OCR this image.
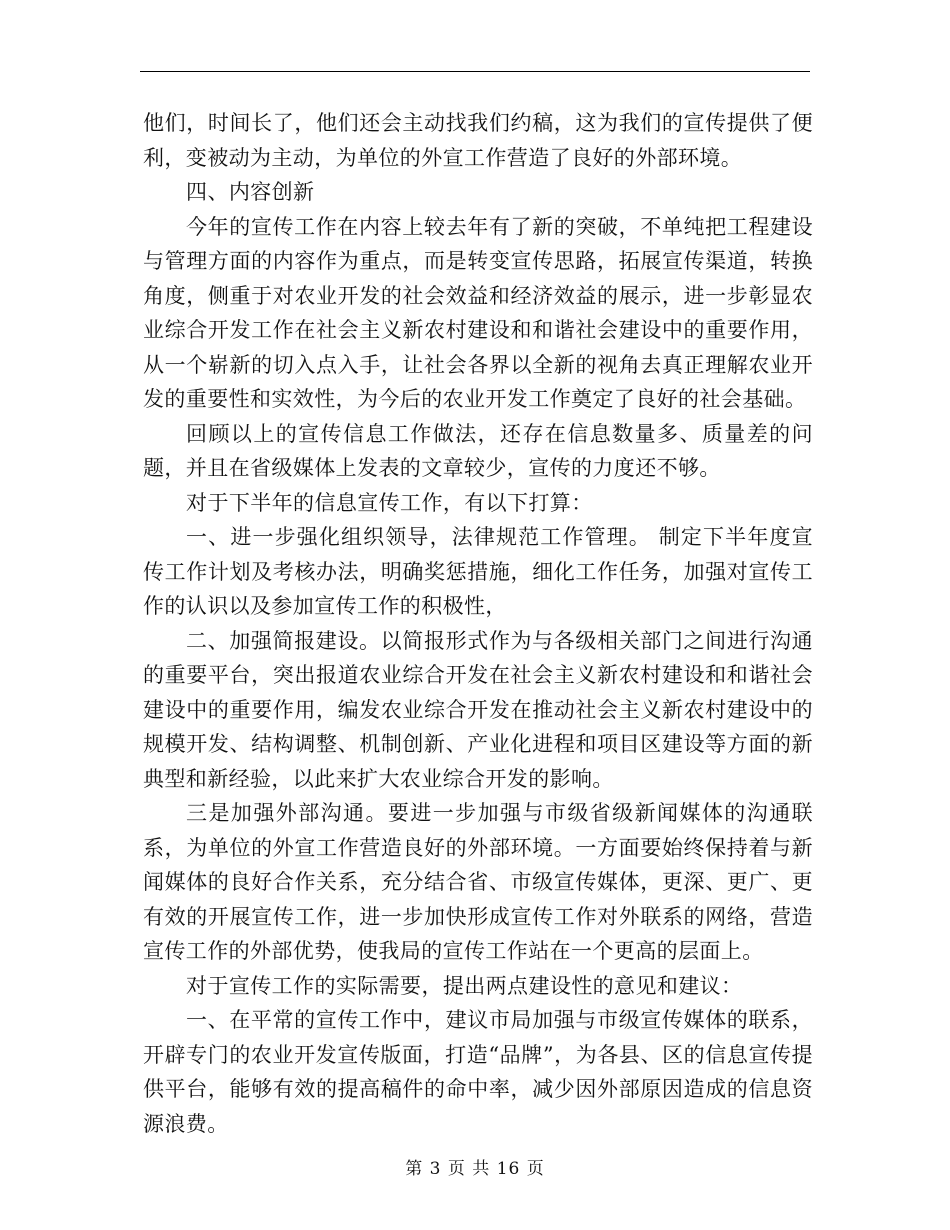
他们，时间长了，他们还会主动找我们约稿，这为我们的宣传提供了便利，变被动为主动，为单位的外宣工作营造了良好的外部环境。

四、内容创新

今年的宣传工作在内容上较去年有了新的突破，不单纯把工程建设与管理方面的内容作为重点，而是转变宣传思路，拓展宣传渠道，转换角度，侧重于对农业开发的社会效益和经济效益的展示，进一步彰显农业综合开发工作在社会主义新农村建设和和谐社会建设中的重要作用，从一个崭新的切入点入手，让社会各界以全新的视角去真正理解农业开发的重要性和实效性，为今后的农业开发工作奠定了良好的社会基础。

回顾以上的宣传信息工作做法，还存在信息数量多、质量差的问题，并且在省级媒体上发表的文章较少，宣传的力度还不够。

对于下半年的信息宣传工作，有以下打算：

一、进一步强化组织领导，法律规范工作管理。 制定下半年度宣传工作计划及考核办法，明确奖惩措施，细化工作任务，加强对宣传工作的认识以及参加宣传工作的积极性，

二、加强简报建设。以简报形式作为与各级相关部门之间进行沟通的重要平台，突出报道农业综合开发在社会主义新农村建设和和谐社会建设中的重要作用，编发农业综合开发在推动社会主义新农村建设中的规模开发、结构调整、机制创新、产业化进程和项目区建设等方面的新典型和新经验，以此来扩大农业综合开发的影响。

三是加强外部沟通。要进一步加强与市级省级新闻媒体的沟通联系，为单位的外宣工作营造良好的外部环境。一方面要始终保持着与新闻媒体的良好合作关系，充分结合省、市级宣传媒体，更深、更广、更有效的开展宣传工作，进一步加快形成宣传工作对外联系的网络，营造宣传工作的外部优势，使我局的宣传工作站在一个更高的层面上。

对于宣传工作的实际需要，提出两点建设性的意见和建议：

一、在平常的宣传工作中，建议市局加强与市级宣传媒体的联系，开辟专门的农业开发宣传版面，打造“品牌”，为各县、区的信息宣传提供平台，能够有效的提高稿件的命中率，减少因外部原因造成的信息资源浪费。

第 3 页 共 16 页
